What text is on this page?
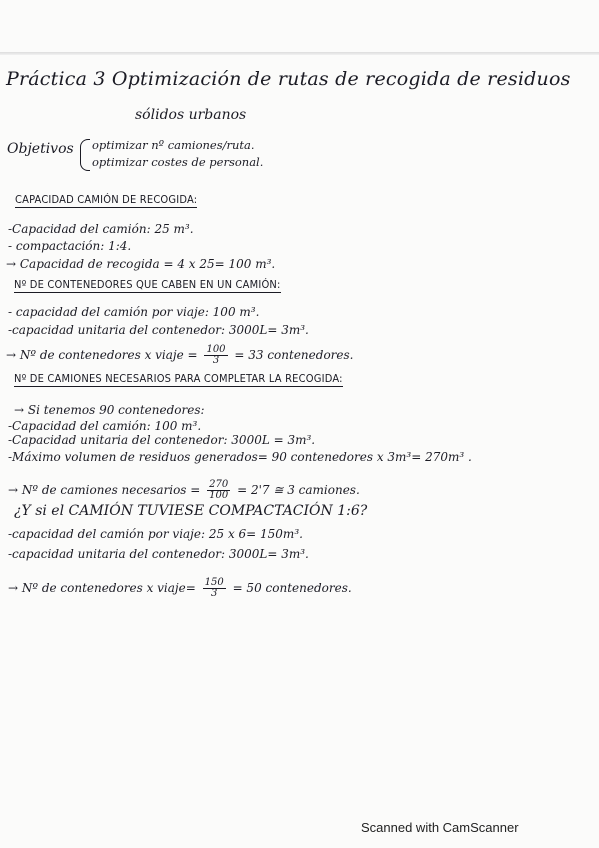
Práctica 3 Optimización de rutas de recogida de residuos
sólidos urbanos
Objetivos optimizar nº camiones/ruta.
optimizar costes de personal.
CAPACIDAD CAMIÓN DE RECOGIDA:
-Capacidad del camión: 25 m³.
- compactación: 1:4.
→ Capacidad de recogida = 4 x 25= 100 m³.
Nº DE CONTENEDORES QUE CABEN EN UN CAMIÓN:
- capacidad del camión por viaje: 100 m³.
-capacidad unitaria del contenedor: 3000L= 3m³.
→ Nº de contenedores x viaje = $\frac{100}{3} = 33$ contenedores.
Nº DE CAMIONES NECESARIOS PARA COMPLETAR LA RECOGIDA:
→ Si tenemos 90 contenedores:
-Capacidad del camión: 100 m³.
-Capacidad unitaria del contenedor: 3000L = 3m³.
-Máximo volumen de residuos generados= 90 contenedores x 3m³= 270m³ .
→ Nº de camiones necesarios = $\frac{270}{100} = 2'7$ ≅ 3 camiones.
¿Y si el CAMIÓN TUVIESE COMPACTACIÓN 1:6?
-capacidad del camión por viaje: 25 x 6= 150m³.
-capacidad unitaria del contenedor: 3000L= 3m³.
→ Nº de contenedores x viaje= $\frac{150}{3} = 50$ contenedores.
Scanned with CamScanner
